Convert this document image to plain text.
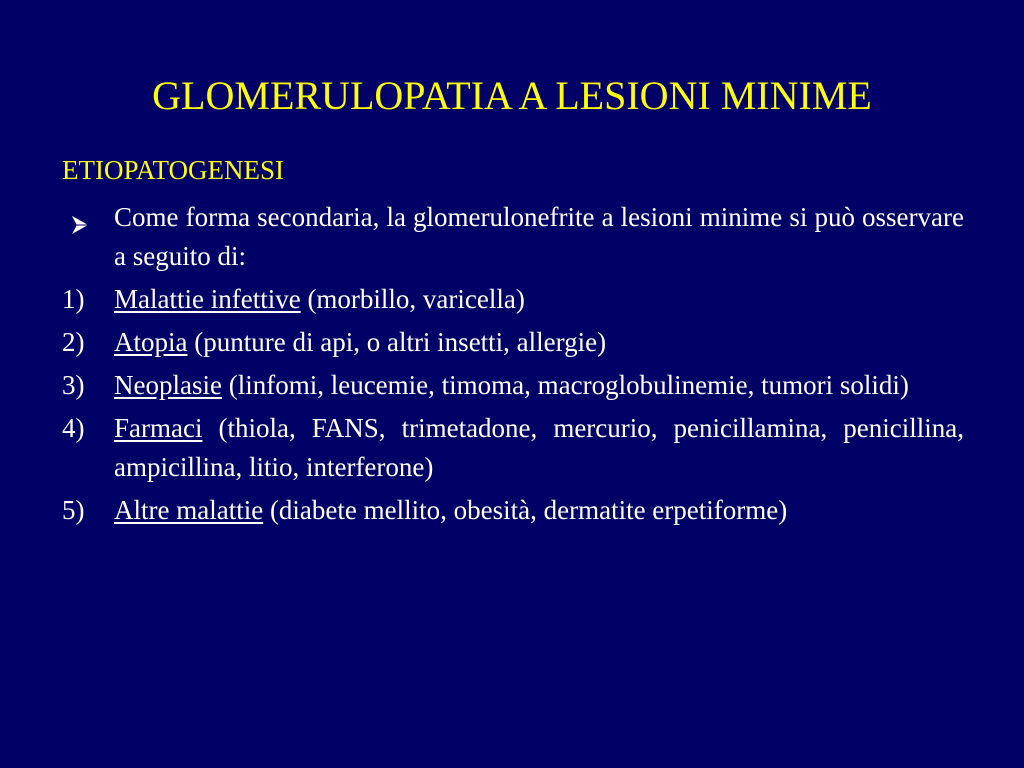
GLOMERULOPATIA A LESIONI MINIME
ETIOPATOGENESI
Come forma secondaria, la glomerulonefrite a lesioni minime si può osservare a seguito di:
1)	Malattie infettive (morbillo, varicella)
2)	Atopia (punture di api, o altri insetti, allergie)
3)	Neoplasie (linfomi, leucemie, timoma, macroglobulinemie, tumori solidi)
4)	Farmaci (thiola, FANS, trimetadone, mercurio, penicillamina, penicillina, ampicillina, litio, interferone)
5)	Altre malattie (diabete mellito, obesità, dermatite erpetiforme)
